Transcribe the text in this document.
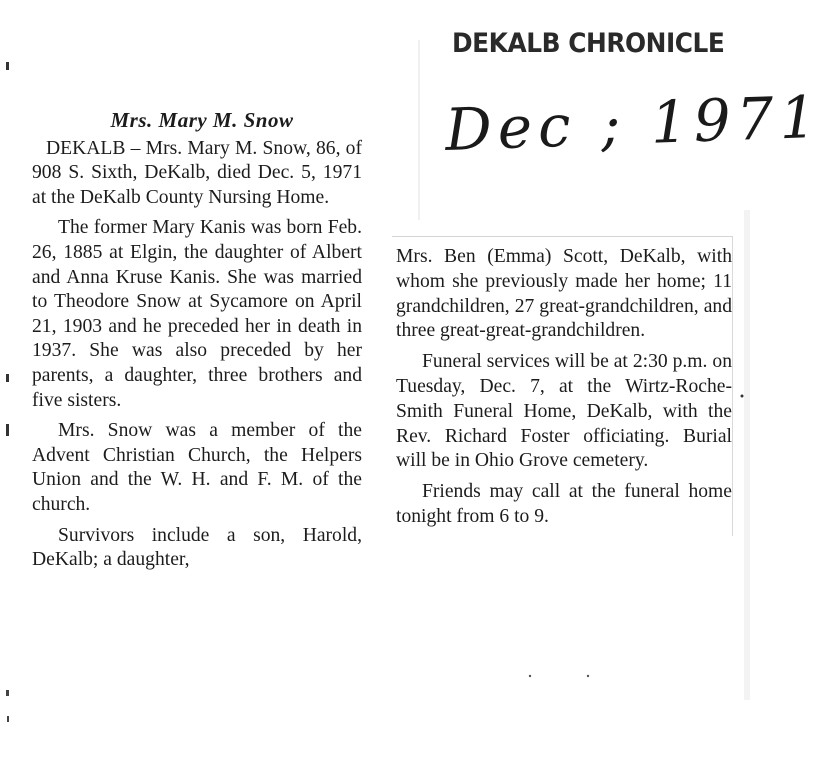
DEKALB CHRONICLE
Dec ; 1971
Mrs. Mary M. Snow

DEKALB – Mrs. Mary M. Snow, 86, of 908 S. Sixth, DeKalb, died Dec. 5, 1971 at the DeKalb County Nursing Home.

The former Mary Kanis was born Feb. 26, 1885 at Elgin, the daughter of Albert and Anna Kruse Kanis. She was married to Theodore Snow at Sycamore on April 21, 1903 and he preceded her in death in 1937. She was also preceded by her parents, a daughter, three brothers and five sisters.

Mrs. Snow was a member of the Advent Christian Church, the Helpers Union and the W. H. and F. M. of the church.

Survivors include a son, Harold, DeKalb; a daughter,

Mrs. Ben (Emma) Scott, DeKalb, with whom she previously made her home; 11 grandchildren, 27 great-grandchildren, and three great-great-grandchildren.

Funeral services will be at 2:30 p.m. on Tuesday, Dec. 7, at the Wirtz-Roche-Smith Funeral Home, DeKalb, with the Rev. Richard Foster officiating. Burial will be in Ohio Grove cemetery.

Friends may call at the funeral home tonight from 6 to 9.
